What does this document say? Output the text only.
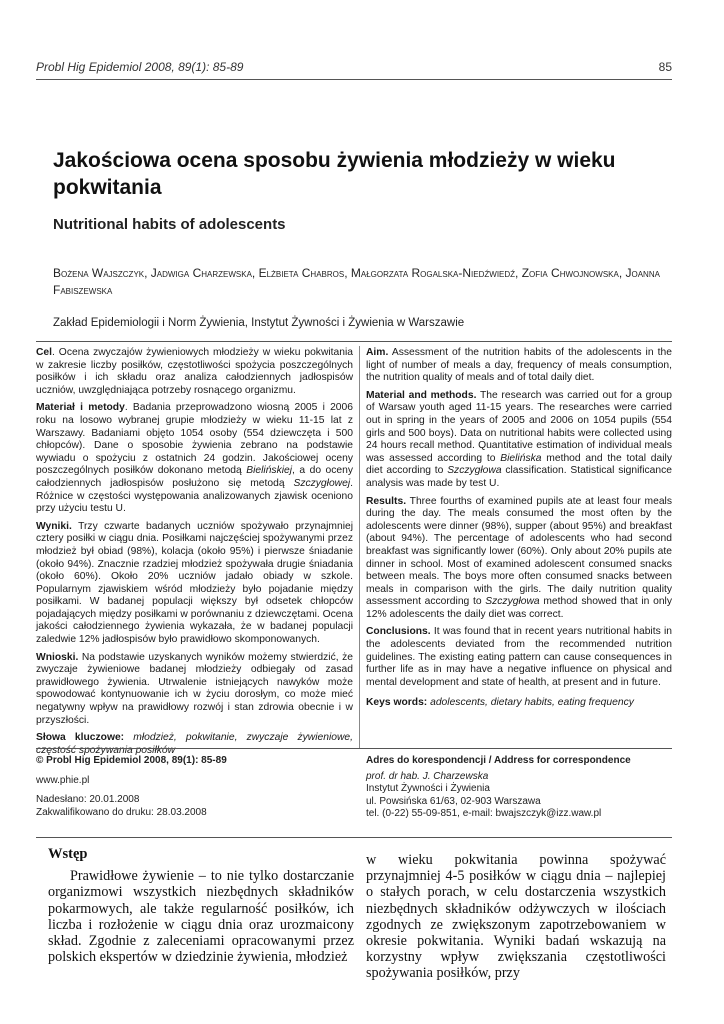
Probl Hig Epidemiol 2008, 89(1): 85-89	85
Jakościowa ocena sposobu żywienia młodzieży w wieku pokwitania
Nutritional habits of adolescents
Bożena Wajszczyk, Jadwiga Charzewska, Elżbieta Chabros, Małgorzata Rogalska-Niedźwiedź, Zofia Chwojnowska, Joanna Fabiszewska
Zakład Epidemiologii i Norm Żywienia, Instytut Żywności i Żywienia w Warszawie

Cel. Ocena zwyczajów żywieniowych młodzieży w wieku pokwitania w zakresie liczby posiłków, częstotliwości spożycia poszczególnych posiłków i ich składu oraz analiza całodziennych jadłospisów uczniów, uwzględniająca potrzeby rosnącego organizmu.

Materiał i metody. Badania przeprowadzono wiosną 2005 i 2006 roku na losowo wybranej grupie młodzieży w wieku 11-15 lat z Warszawy. Badaniami objęto 1054 osoby (554 dziewczęta i 500 chłopców). Dane o sposobie żywienia zebrano na podstawie wywiadu o spożyciu z ostatnich 24 godzin. Jakościowej oceny poszczególnych posiłków dokonano metodą Bielińskiej, a do oceny całodziennych jadłospisów posłużono się metodą Szczygłowej. Różnice w częstości występowania analizowanych zjawisk oceniono przy użyciu testu U.

Wyniki. Trzy czwarte badanych uczniów spożywało przynajmniej cztery posiłki w ciągu dnia. Posiłkami najczęściej spożywanymi przez młodzież był obiad (98%), kolacja (około 95%) i pierwsze śniadanie (około 94%). Znacznie rzadziej młodzież spożywała drugie śniadania (około 60%). Około 20% uczniów jadało obiady w szkole. Popularnym zjawiskiem wśród młodzieży było pojadanie między posiłkami. W badanej populacji większy był odsetek chłopców pojadających między posiłkami w porównaniu z dziewczętami. Ocena jakości całodziennego żywienia wykazała, że w badanej populacji zaledwie 12% jadłospisów było prawidłowo skomponowanych.

Wnioski. Na podstawie uzyskanych wyników możemy stwierdzić, że zwyczaje żywieniowe badanej młodzieży odbiegały od zasad prawidłowego żywienia. Utrwalenie istniejących nawyków może spowodować kontynuowanie ich w życiu dorosłym, co może mieć negatywny wpływ na prawidłowy rozwój i stan zdrowia obecnie i w przyszłości.

Słowa kluczowe: młodzież, pokwitanie, zwyczaje żywieniowe, częstość spożywania posiłków

Aim. Assessment of the nutrition habits of the adolescents in the light of number of meals a day, frequency of meals consumption, the nutrition quality of meals and of total daily diet.

Material and methods. The research was carried out for a group of Warsaw youth aged 11-15 years. The researches were carried out in spring in the years of 2005 and 2006 on 1054 pupils (554 girls and 500 boys). Data on nutritional habits were collected using 24 hours recall method. Quantitative estimation of individual meals was assessed according to Bielińska method and the total daily diet according to Szczygłowa classification. Statistical significance analysis was made by test U.

Results. Three fourths of examined pupils ate at least four meals during the day. The meals consumed the most often by the adolescents were dinner (98%), supper (about 95%) and breakfast (about 94%). The percentage of adolescents who had second breakfast was significantly lower (60%). Only about 20% pupils ate dinner in school. Most of examined adolescent consumed snacks between meals. The boys more often consumed snacks between meals in comparison with the girls. The daily nutrition quality assessment according to Szczygłowa method showed that in only 12% adolescents the daily diet was correct.

Conclusions. It was found that in recent years nutritional habits in the adolescents deviated from the recommended nutrition guidelines. The existing eating pattern can cause consequences in further life as in may have a negative influence on physical and mental development and state of health, at present and in future.

Keys words: adolescents, dietary habits, eating frequency

© Probl Hig Epidemiol 2008, 89(1): 85-89
www.phie.pl
Nadesłano: 20.01.2008
Zakwalifikowano do druku: 28.03.2008
Adres do korespondencji / Address for correspondence
prof. dr hab. J. Charzewska
Instytut Żywności i Żywienia
ul. Powsińska 61/63, 02-903 Warszawa
tel. (0-22) 55-09-851, e-mail: bwajszczyk@izz.waw.pl
Wstęp
Prawidłowe żywienie – to nie tylko dostarczanie organizmowi wszystkich niezbędnych składników pokarmowych, ale także regularność posiłków, ich liczba i rozłożenie w ciągu dnia oraz urozmaicony skład. Zgodnie z zaleceniami opracowanymi przez polskich ekspertów w dziedzinie żywienia, młodzież
w wieku pokwitania powinna spożywać przynajmniej 4-5 posiłków w ciągu dnia – najlepiej o stałych porach, w celu dostarczenia wszystkich niezbędnych składników odżywczych w ilościach zgodnych ze zwiększonym zapotrzebowaniem w okresie pokwitania. Wyniki badań wskazują na korzystny wpływ zwiększania częstotliwości spożywania posiłków, przy
